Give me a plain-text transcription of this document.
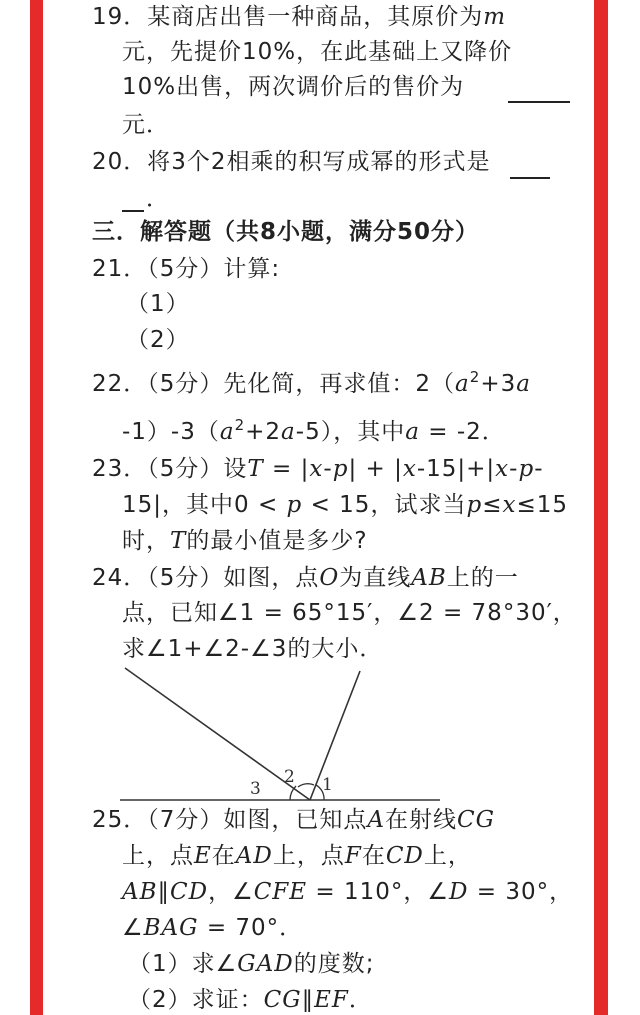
19．某商店出售一种商品，其原价为m
元，先提价10%，在此基础上又降价
10%出售，两次调价后的售价为
元．
20．将3个2相乘的积写成幂的形式是
．
三．解答题（共8小题，满分50分）
21．（5分）计算:
（1）
（2）
22．（5分）先化简，再求值：$2(a^2+3a$
$-1)-3(a^2+2a-5)$，其中a = -2．
23．（5分）设T = |x-p| + |x-15|+|x-p-
15|，其中0 < p < 15，试求当p≤x≤15
时，T的最小值是多少?
24．（5分）如图，点O为直线AB上的一
点，已知∠1 = 65°15′，∠2 = 78°30′，
求∠1+∠2-∠3的大小．
1
2
3
25．（7分）如图，已知点A在射线CG
上，点E在AD上，点F在CD上，
AB∥CD，∠CFE = 110°，∠D = 30°，
∠BAG = 70°．
（1）求∠GAD的度数;
（2）求证：CG∥EF．
